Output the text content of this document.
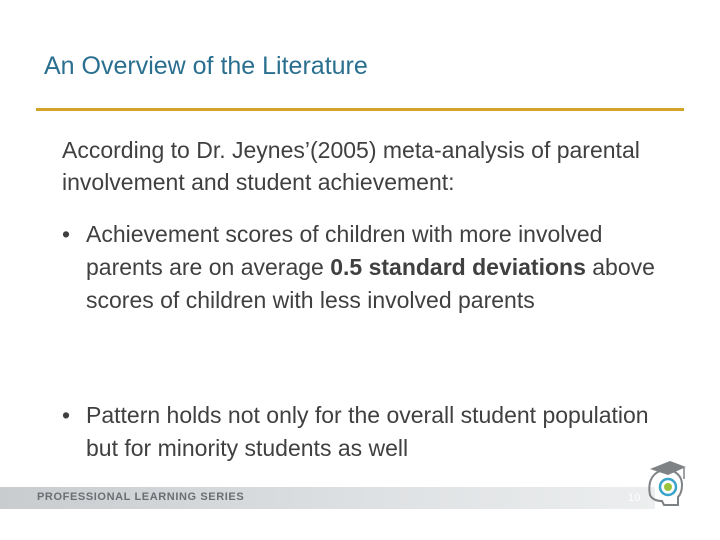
An Overview of the Literature
According to Dr. Jeynes’(2005) meta-analysis of parental involvement and student achievement:
• Achievement scores of children with more involved parents are on average 0.5 standard deviations above scores of children with less involved parents
• Pattern holds not only for the overall student population but for minority students as well
PROFESSIONAL LEARNING SERIES	10
